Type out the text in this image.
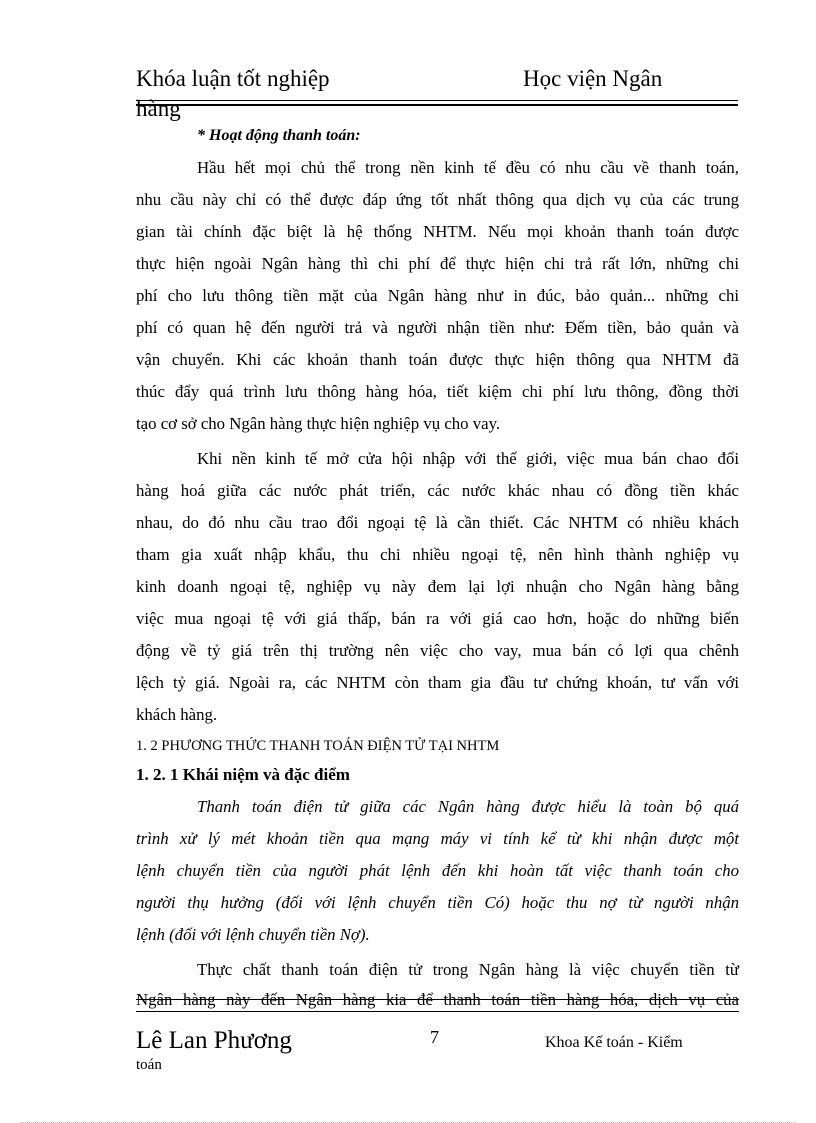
Khóa luận tốt nghiệp	Học viện Ngân
hàng
* Hoạt động thanh toán:
Hầu hết mọi chủ thể trong nền kinh tế đều có nhu cầu về thanh toán,
nhu cầu này chỉ có thể được đáp ứng tốt nhất thông qua dịch vụ của các trung
gian tài chính đặc biệt là hệ thống NHTM. Nếu mọi khoản thanh toán được
thực hiện ngoài Ngân hàng thì chi phí để thực hiện chi trả rất lớn, những chi
phí cho lưu thông tiền mặt của Ngân hàng như in đúc, bảo quản... những chi
phí có quan hệ đến người trả và người nhận tiền như: Đếm tiền, bảo quản và
vận chuyển. Khi các khoản thanh toán được thực hiện thông qua NHTM đã
thúc đẩy quá trình lưu thông hàng hóa, tiết kiệm chi phí lưu thông, đồng thời
tạo cơ sở cho Ngân hàng thực hiện nghiệp vụ cho vay.
Khi nền kinh tế mở cửa hội nhập với thế giới, việc mua bán chao đổi
hàng hoá giữa các nước phát triển, các nước khác nhau có đồng tiền khác
nhau, do đó nhu cầu trao đổi ngoại tệ là cần thiết. Các NHTM có nhiều khách
tham gia xuất nhập khẩu, thu chi nhiều ngoại tệ, nên hình thành nghiệp vụ
kinh doanh ngoại tệ, nghiệp vụ này đem lại lợi nhuận cho Ngân hàng bằng
việc mua ngoại tệ với giá thấp, bán ra với giá cao hơn, hoặc do những biến
động về tỷ giá trên thị trường nên việc cho vay, mua bán có lợi qua chênh
lệch tỷ giá. Ngoài ra, các NHTM còn tham gia đầu tư chứng khoán, tư vấn với
khách hàng.
1. 2 PHƯƠNG THỨC THANH TOÁN ĐIỆN TỬ TẠI NHTM
1. 2. 1 Khái niệm và đặc điểm
Thanh toán điện tử giữa các Ngân hàng được hiểu là toàn bộ quá
trình xử lý mét khoản tiền qua mạng máy vi tính kể từ khi nhận được một
lệnh chuyển tiền của người phát lệnh đến khi hoàn tất việc thanh toán cho
người thụ hưởng (đối với lệnh chuyển tiền Có) hoặc thu nợ từ người nhận
lệnh (đối với lệnh chuyển tiền Nợ).
Thực chất thanh toán điện tử trong Ngân hàng là việc chuyển tiền từ
Ngân hàng này đến Ngân hàng kia để thanh toán tiền hàng hóa, dịch vụ của
Lê Lan Phương	7	Khoa Kế toán - Kiểm
toán
